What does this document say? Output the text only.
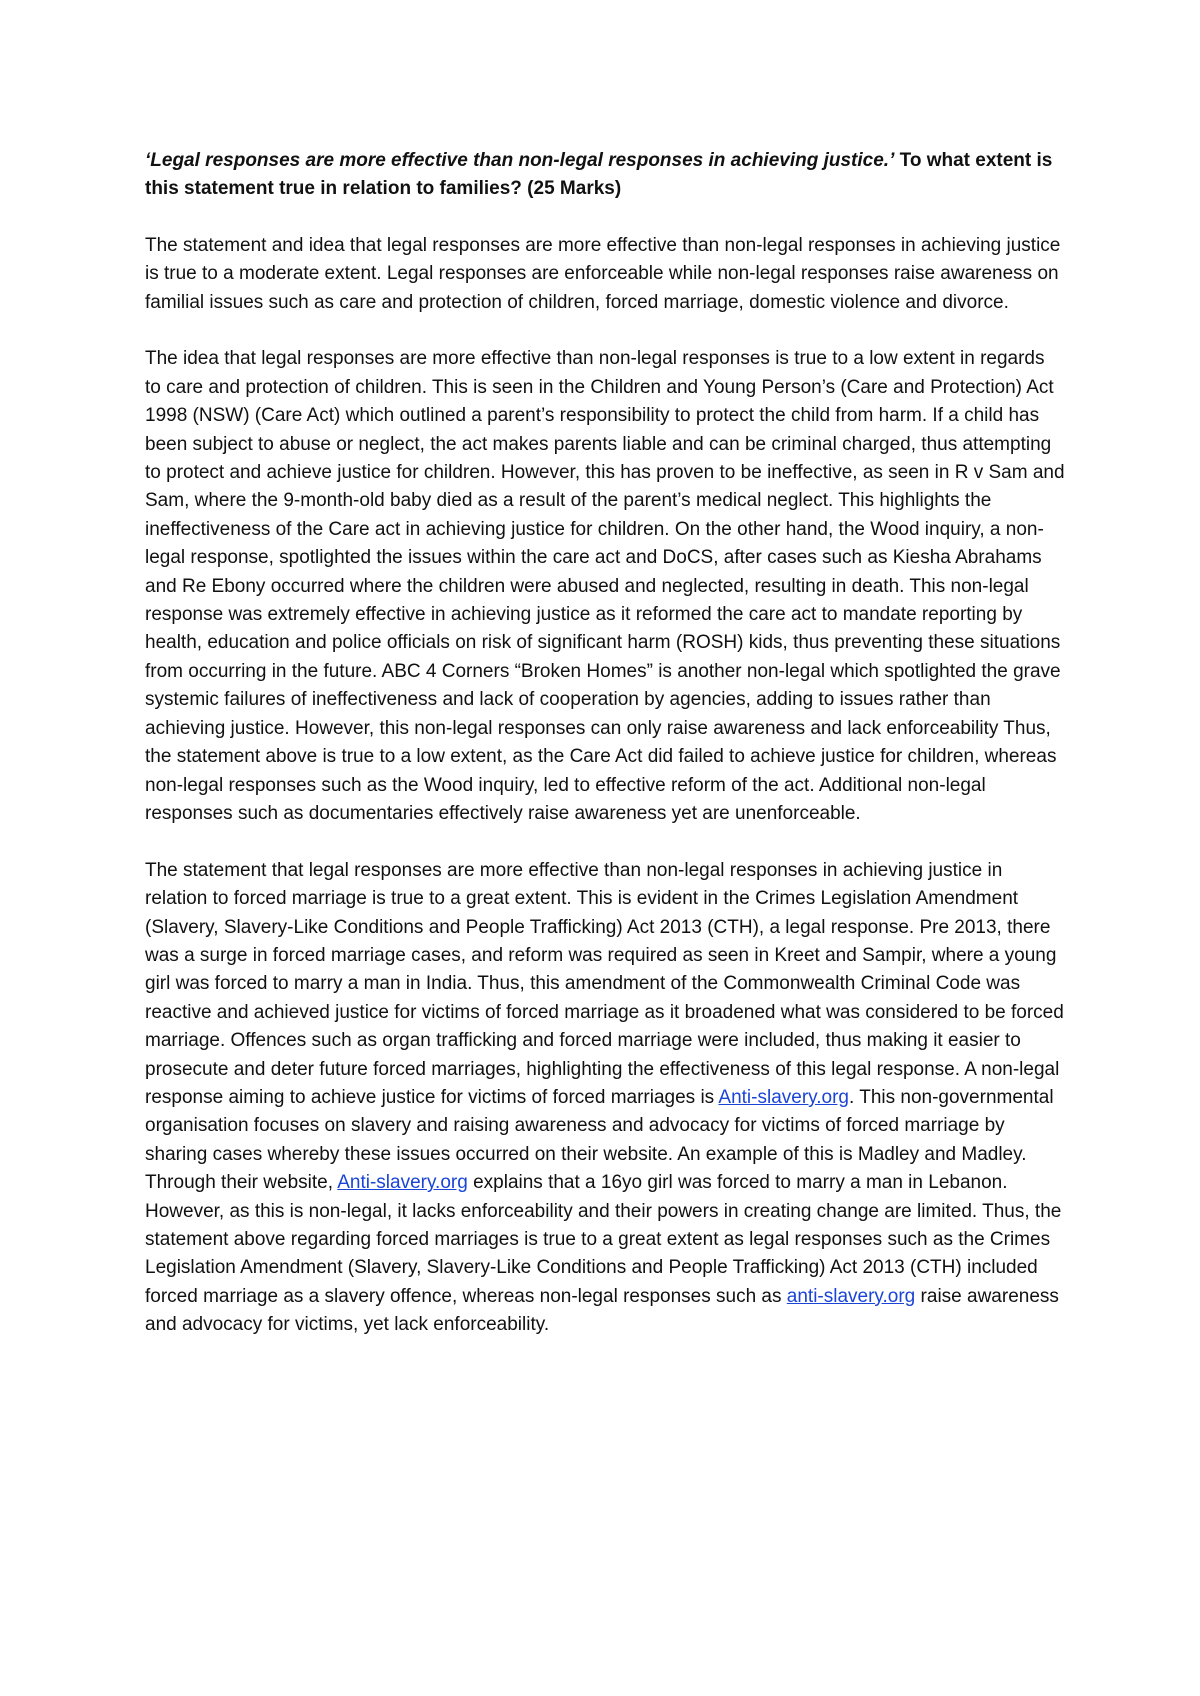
‘Legal responses are more effective than non-legal responses in achieving justice.’ To what extent is this statement true in relation to families? (25 Marks)

The statement and idea that legal responses are more effective than non-legal responses in achieving justice is true to a moderate extent. Legal responses are enforceable while non-legal responses raise awareness on familial issues such as care and protection of children, forced marriage, domestic violence and divorce.

The idea that legal responses are more effective than non-legal responses is true to a low extent in regards to care and protection of children. This is seen in the Children and Young Person’s (Care and Protection) Act 1998 (NSW) (Care Act) which outlined a parent’s responsibility to protect the child from harm. If a child has been subject to abuse or neglect, the act makes parents liable and can be criminal charged, thus attempting to protect and achieve justice for children. However, this has proven to be ineffective, as seen in R v Sam and Sam, where the 9-month-old baby died as a result of the parent’s medical neglect. This highlights the ineffectiveness of the Care act in achieving justice for children. On the other hand, the Wood inquiry, a non-legal response, spotlighted the issues within the care act and DoCS, after cases such as Kiesha Abrahams and Re Ebony occurred where the children were abused and neglected, resulting in death. This non-legal response was extremely effective in achieving justice as it reformed the care act to mandate reporting by health, education and police officials on risk of significant harm (ROSH) kids, thus preventing these situations from occurring in the future. ABC 4 Corners “Broken Homes” is another non-legal which spotlighted the grave systemic failures of ineffectiveness and lack of cooperation by agencies, adding to issues rather than achieving justice. However, this non-legal responses can only raise awareness and lack enforceability Thus, the statement above is true to a low extent, as the Care Act did failed to achieve justice for children, whereas non-legal responses such as the Wood inquiry, led to effective reform of the act. Additional non-legal responses such as documentaries effectively raise awareness yet are unenforceable.

The statement that legal responses are more effective than non-legal responses in achieving justice in relation to forced marriage is true to a great extent. This is evident in the Crimes Legislation Amendment (Slavery, Slavery-Like Conditions and People Trafficking) Act 2013 (CTH), a legal response. Pre 2013, there was a surge in forced marriage cases, and reform was required as seen in Kreet and Sampir, where a young girl was forced to marry a man in India. Thus, this amendment of the Commonwealth Criminal Code was reactive and achieved justice for victims of forced marriage as it broadened what was considered to be forced marriage. Offences such as organ trafficking and forced marriage were included, thus making it easier to prosecute and deter future forced marriages, highlighting the effectiveness of this legal response. A non-legal response aiming to achieve justice for victims of forced marriages is Anti-slavery.org. This non-governmental organisation focuses on slavery and raising awareness and advocacy for victims of forced marriage by sharing cases whereby these issues occurred on their website. An example of this is Madley and Madley. Through their website, Anti-slavery.org explains that a 16yo girl was forced to marry a man in Lebanon. However, as this is non-legal, it lacks enforceability and their powers in creating change are limited. Thus, the statement above regarding forced marriages is true to a great extent as legal responses such as the Crimes Legislation Amendment (Slavery, Slavery-Like Conditions and People Trafficking) Act 2013 (CTH) included forced marriage as a slavery offence, whereas non-legal responses such as anti-slavery.org raise awareness and advocacy for victims, yet lack enforceability.
